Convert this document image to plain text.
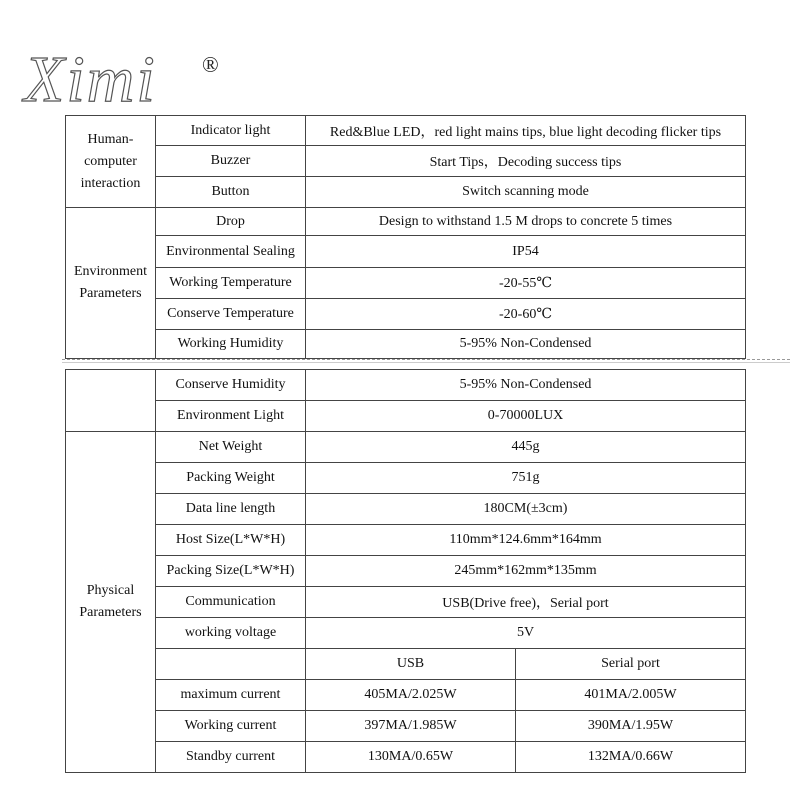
Ximi ®
Human-computer interaction	Indicator light	Red&Blue LED，red light mains tips, blue light decoding flicker tips
	Buzzer	Start Tips，Decoding success tips
	Button	Switch scanning mode
Environment Parameters	Drop	Design to withstand 1.5 M drops to concrete 5 times
	Environmental Sealing	IP54
	Working Temperature	-20-55℃
	Conserve Temperature	-20-60℃
	Working Humidity	5-95% Non-Condensed
	Conserve Humidity	5-95% Non-Condensed	
	Environment Light	0-70000LUX	
Physical Parameters	Net Weight	445g	
	Packing Weight	751g	
	Data line length	180CM(±3cm)	
	Host Size(L*W*H)	110mm*124.6mm*164mm	
	Packing Size(L*W*H)	245mm*162mm*135mm	
	Communication	USB(Drive free)，Serial port	
	working voltage	5V	
		USB	Serial port
	maximum current	405MA/2.025W	401MA/2.005W
	Working current	397MA/1.985W	390MA/1.95W
	Standby current	130MA/0.65W	132MA/0.66W
